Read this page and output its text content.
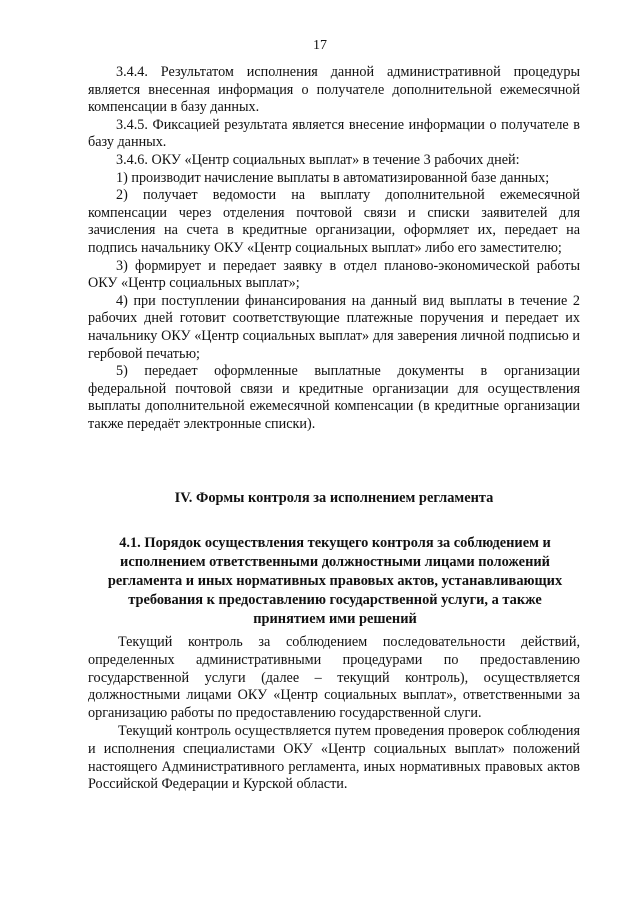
17

3.4.4. Результатом исполнения данной административной процедуры является внесенная информация о получателе дополнительной ежемесячной компенсации в базу данных.

3.4.5. Фиксацией результата является внесение информации о получателе в базу данных.

3.4.6. ОКУ «Центр социальных выплат» в течение 3 рабочих дней:

1) производит начисление выплаты в автоматизированной базе данных;

2) получает ведомости на выплату дополнительной ежемесячной компенсации через отделения почтовой связи и списки заявителей для зачисления на счета в кредитные организации, оформляет их, передает на подпись начальнику ОКУ «Центр социальных выплат» либо его заместителю;

3) формирует и передает заявку в отдел планово-экономической работы ОКУ «Центр социальных выплат»;

4) при поступлении финансирования на данный вид выплаты в течение 2 рабочих дней готовит соответствующие платежные поручения и передает их начальнику ОКУ «Центр социальных выплат» для заверения личной подписью и гербовой печатью;

5) передает оформленные выплатные документы в организации федеральной почтовой связи и кредитные организации для осуществления выплаты дополнительной ежемесячной компенсации (в кредитные организации также передаёт электронные списки).

IV. Формы контроля за исполнением регламента
4.1. Порядок осуществления текущего контроля за соблюдением и исполнением ответственными должностными лицами положений регламента и иных нормативных правовых актов, устанавливающих требования к предоставлению государственной услуги, а также принятием ими решений

Текущий контроль за соблюдением последовательности действий, определенных административными процедурами по предоставлению государственной услуги (далее – текущий контроль), осуществляется должностными лицами ОКУ «Центр социальных выплат», ответственными за организацию работы по предоставлению государственной слуги.

Текущий контроль осуществляется путем проведения проверок соблюдения и исполнения специалистами ОКУ «Центр социальных выплат» положений настоящего Административного регламента, иных нормативных правовых актов Российской Федерации и Курской области.
